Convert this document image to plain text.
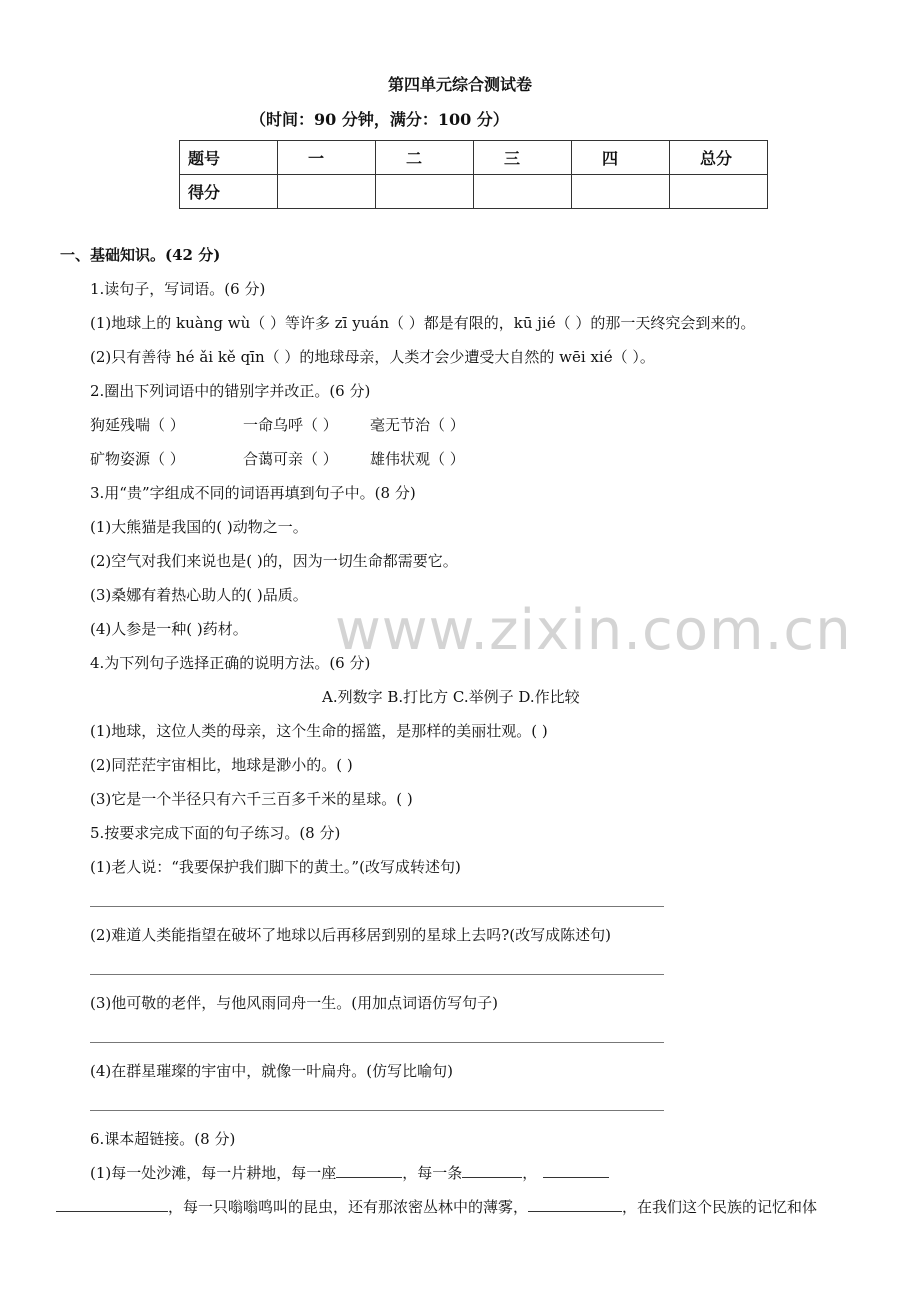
第四单元综合测试卷
（时间：90 分钟，满分：100 分）
题号	一	二	三	四	总分
得分					
一、基础知识。(42 分)
1.读句子，写词语。(6 分)
(1)地球上的 kuàng wù（ ）等许多 zī yuán（ ）都是有限的，kū jié（ ）的那一天终究会到来的。
(2)只有善待 hé ǎi kě qīn（ ）的地球母亲，人类才会少遭受大自然的 wēi xié（ ）。
2.圈出下列词语中的错别字并改正。(6 分)
狗延残喘（ ）	一命乌呼（ ） 毫无节治（ ）
矿物姿源（ ）	合蔼可亲（ ） 雄伟状观（ ）
3.用“贵”字组成不同的词语再填到句子中。(8 分)
(1)大熊猫是我国的( )动物之一。
(2)空气对我们来说也是( )的，因为一切生命都需要它。
(3)桑娜有着热心助人的( )品质。
(4)人参是一种( )药材。 www.zixin.com.cn
4.为下列句子选择正确的说明方法。(6 分)
A.列数字 B.打比方 C.举例子 D.作比较
(1)地球，这位人类的母亲，这个生命的摇篮，是那样的美丽壮观。( )
(2)同茫茫宇宙相比，地球是渺小的。( )
(3)它是一个半径只有六千三百多千米的星球。( )
5.按要求完成下面的句子练习。(8 分)
(1)老人说：“我要保护我们脚下的黄土。”(改写成转述句)
(2)难道人类能指望在破坏了地球以后再移居到别的星球上去吗?(改写成陈述句)
(3)他可敬的老伴，与他风雨同舟一生。(用加点词语仿写句子)
(4)在群星璀璨的宇宙中，就像一叶扁舟。(仿写比喻句)
6.课本超链接。(8 分)
(1)每一处沙滩，每一片耕地，每一座	，每一条	，
，每一只嗡嗡鸣叫的昆虫，还有那浓密丛林中的薄雾，	，在我们这个民族的记忆和体
